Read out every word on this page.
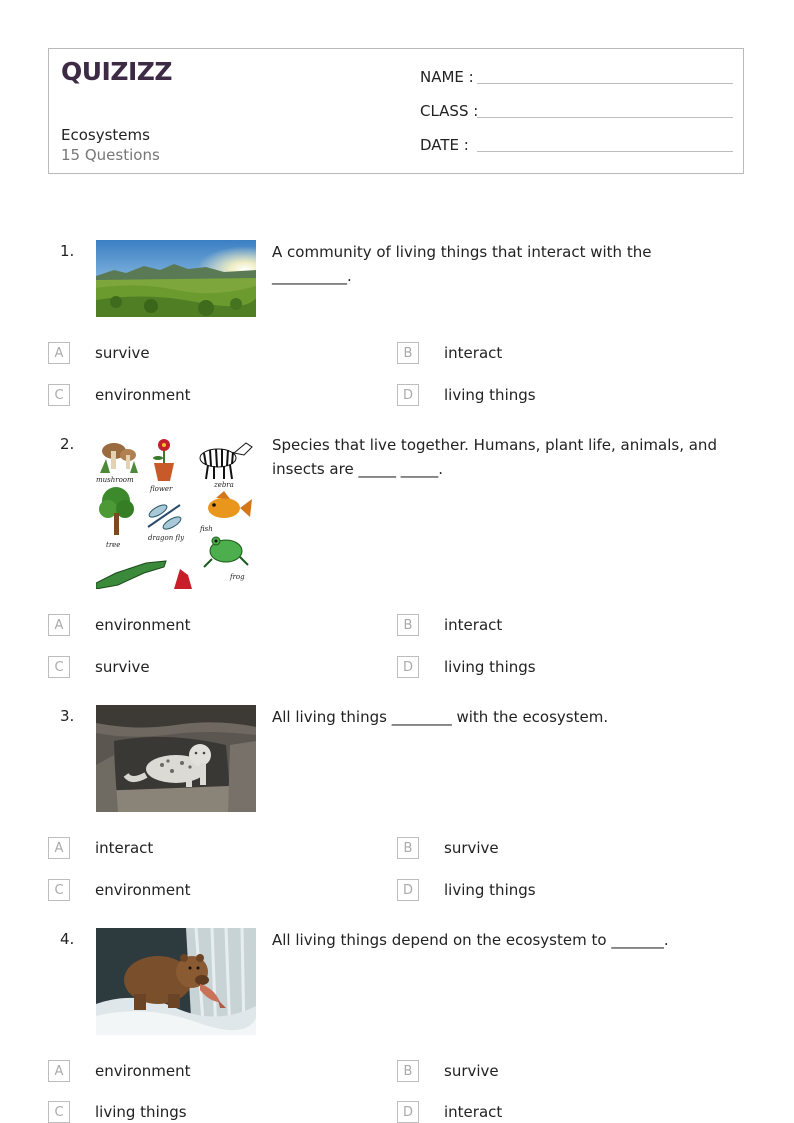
QUIZIZZ
Ecosystems
15 Questions
NAME :
CLASS :
DATE :
1.	A community of living things that interact with the __________.
A	survive	B	interact
C	environment	D	living things
2.
mushroom
flower	zebra
tree
dragon fly
fish
frog
Species that live together. Humans, plant life, animals, and insects are _____ _____.
A	environment	B	interact
C	survive	D	living things
3.	All living things ________ with the ecosystem.
A	interact	B	survive
C	environment	D	living things
4.	All living things depend on the ecosystem to _______.
A	environment	B	survive
C	living things	D	interact
